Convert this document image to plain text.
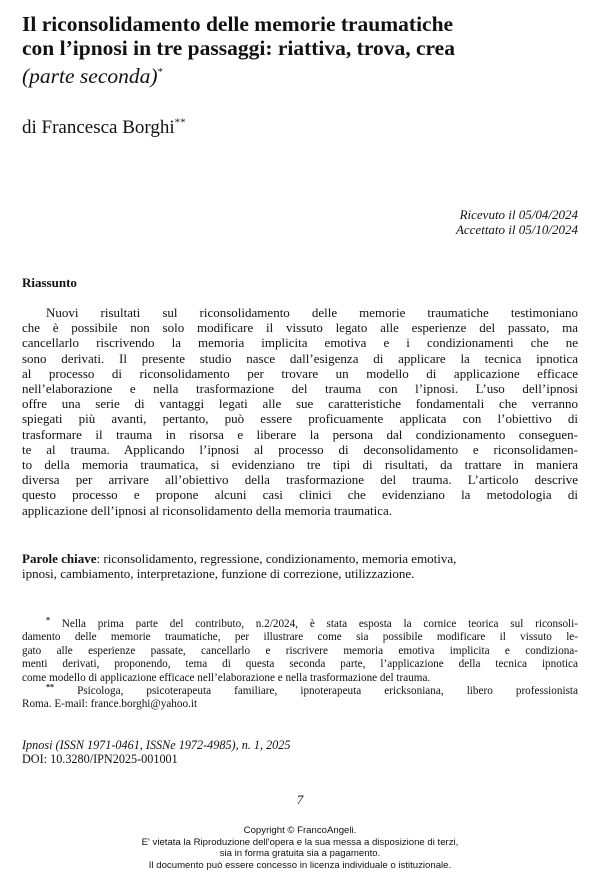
Il riconsolidamento delle memorie traumatiche
con l’ipnosi in tre passaggi: riattiva, trova, crea
(parte seconda)*
di Francesca Borghi**
Ricevuto il 05/04/2024
Accettato il 05/10/2024
Riassunto
Nuovi risultati sul riconsolidamento delle memorie traumatiche testimoniano
che è possibile non solo modificare il vissuto legato alle esperienze del passato, ma
cancellarlo riscrivendo la memoria implicita emotiva e i condizionamenti che ne
sono derivati. Il presente studio nasce dall’esigenza di applicare la tecnica ipnotica
al processo di riconsolidamento per trovare un modello di applicazione efficace
nell’elaborazione e nella trasformazione del trauma con l’ipnosi. L’uso dell’ipnosi
offre una serie di vantaggi legati alle sue caratteristiche fondamentali che verranno
spiegati più avanti, pertanto, può essere proficuamente applicata con l’obiettivo di
trasformare il trauma in risorsa e liberare la persona dal condizionamento conseguen-
te al trauma. Applicando l’ipnosi al processo di deconsolidamento e riconsolidamen-
to della memoria traumatica, si evidenziano tre tipi di risultati, da trattare in maniera
diversa per arrivare all’obiettivo della trasformazione del trauma. L’articolo descrive
questo processo e propone alcuni casi clinici che evidenziano la metodologia di
applicazione dell’ipnosi al riconsolidamento della memoria traumatica.
Parole chiave: riconsolidamento, regressione, condizionamento, memoria emotiva,
ipnosi, cambiamento, interpretazione, funzione di correzione, utilizzazione.
* Nella prima parte del contributo, n.2/2024, è stata esposta la cornice teorica sul riconsoli-
damento delle memorie traumatiche, per illustrare come sia possibile modificare il vissuto le-
gato alle esperienze passate, cancellarlo e riscrivere memoria emotiva implicita e condiziona-
menti derivati, proponendo, tema di questa seconda parte, l’applicazione della tecnica ipnotica
come modello di applicazione efficace nell’elaborazione e nella trasformazione del trauma.
** Psicologa, psicoterapeuta familiare, ipnoterapeuta ericksoniana, libero professionista
Roma. E-mail: france.borghi@yahoo.it
Ipnosi (ISSN 1971-0461, ISSNe 1972-4985), n. 1, 2025
DOI: 10.3280/IPN2025-001001
7
Copyright © FrancoAngeli.
E' vietata la Riproduzione dell'opera e la sua messa a disposizione di terzi,
sia in forma gratuita sia a pagamento.
Il documento può essere concesso in licenza individuale o istituzionale.
